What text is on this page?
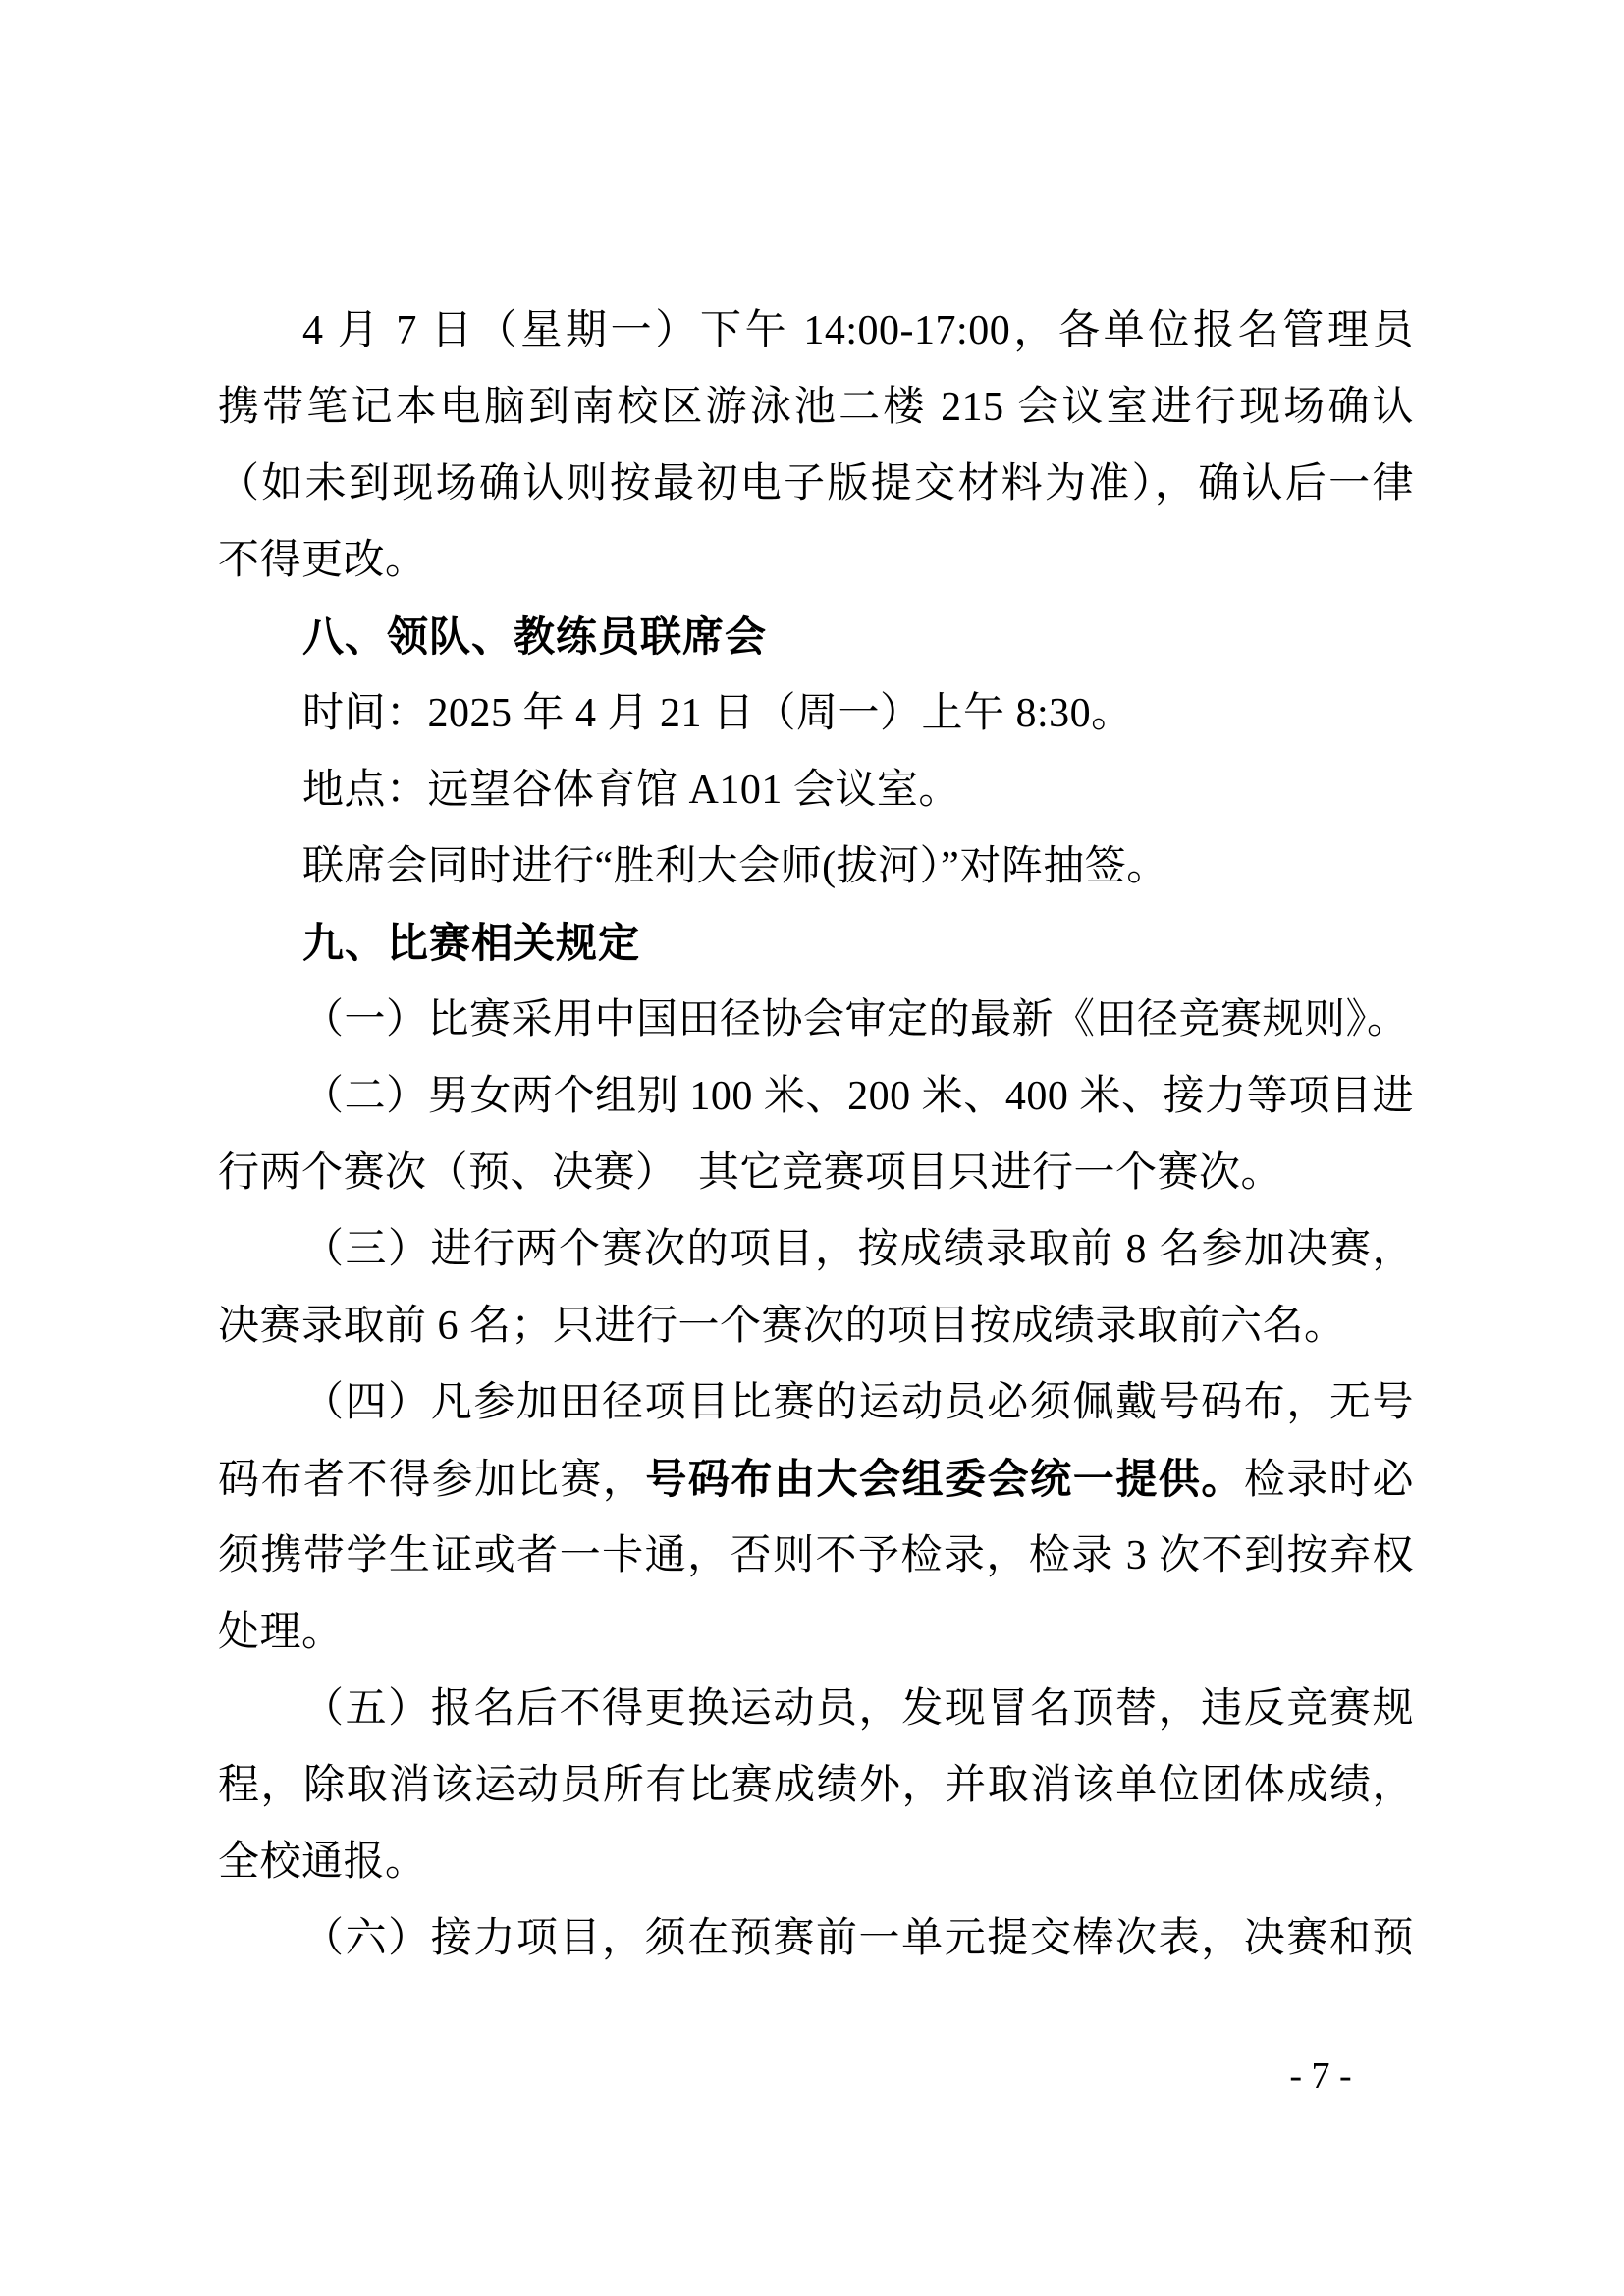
4 月 7 日（星期一）下午 14:00-17:00，各单位报名管理员
携带笔记本电脑到南校区游泳池二楼 215 会议室进行现场确认
（如未到现场确认则按最初电子版提交材料为准），确认后一律
不得更改。
八、领队、教练员联席会
时间：2025 年 4 月 21 日（周一）上午 8:30。
地点：远望谷体育馆 A101 会议室。
联席会同时进行“胜利大会师(拔河）”对阵抽签。
九、比赛相关规定
（一）比赛采用中国田径协会审定的最新《田径竞赛规则》。
（二）男女两个组别 100 米、200 米、400 米、接力等项目进
行两个赛次（预、决赛）　其它竞赛项目只进行一个赛次。
（三）进行两个赛次的项目，按成绩录取前 8 名参加决赛，
决赛录取前 6 名；只进行一个赛次的项目按成绩录取前六名。
（四）凡参加田径项目比赛的运动员必须佩戴号码布，无号
码布者不得参加比赛，号码布由大会组委会统一提供。检录时必
须携带学生证或者一卡通，否则不予检录，检录 3 次不到按弃权
处理。
（五）报名后不得更换运动员，发现冒名顶替，违反竞赛规
程，除取消该运动员所有比赛成绩外，并取消该单位团体成绩，
全校通报。
（六）接力项目，须在预赛前一单元提交棒次表，决赛和预
- 7 -
